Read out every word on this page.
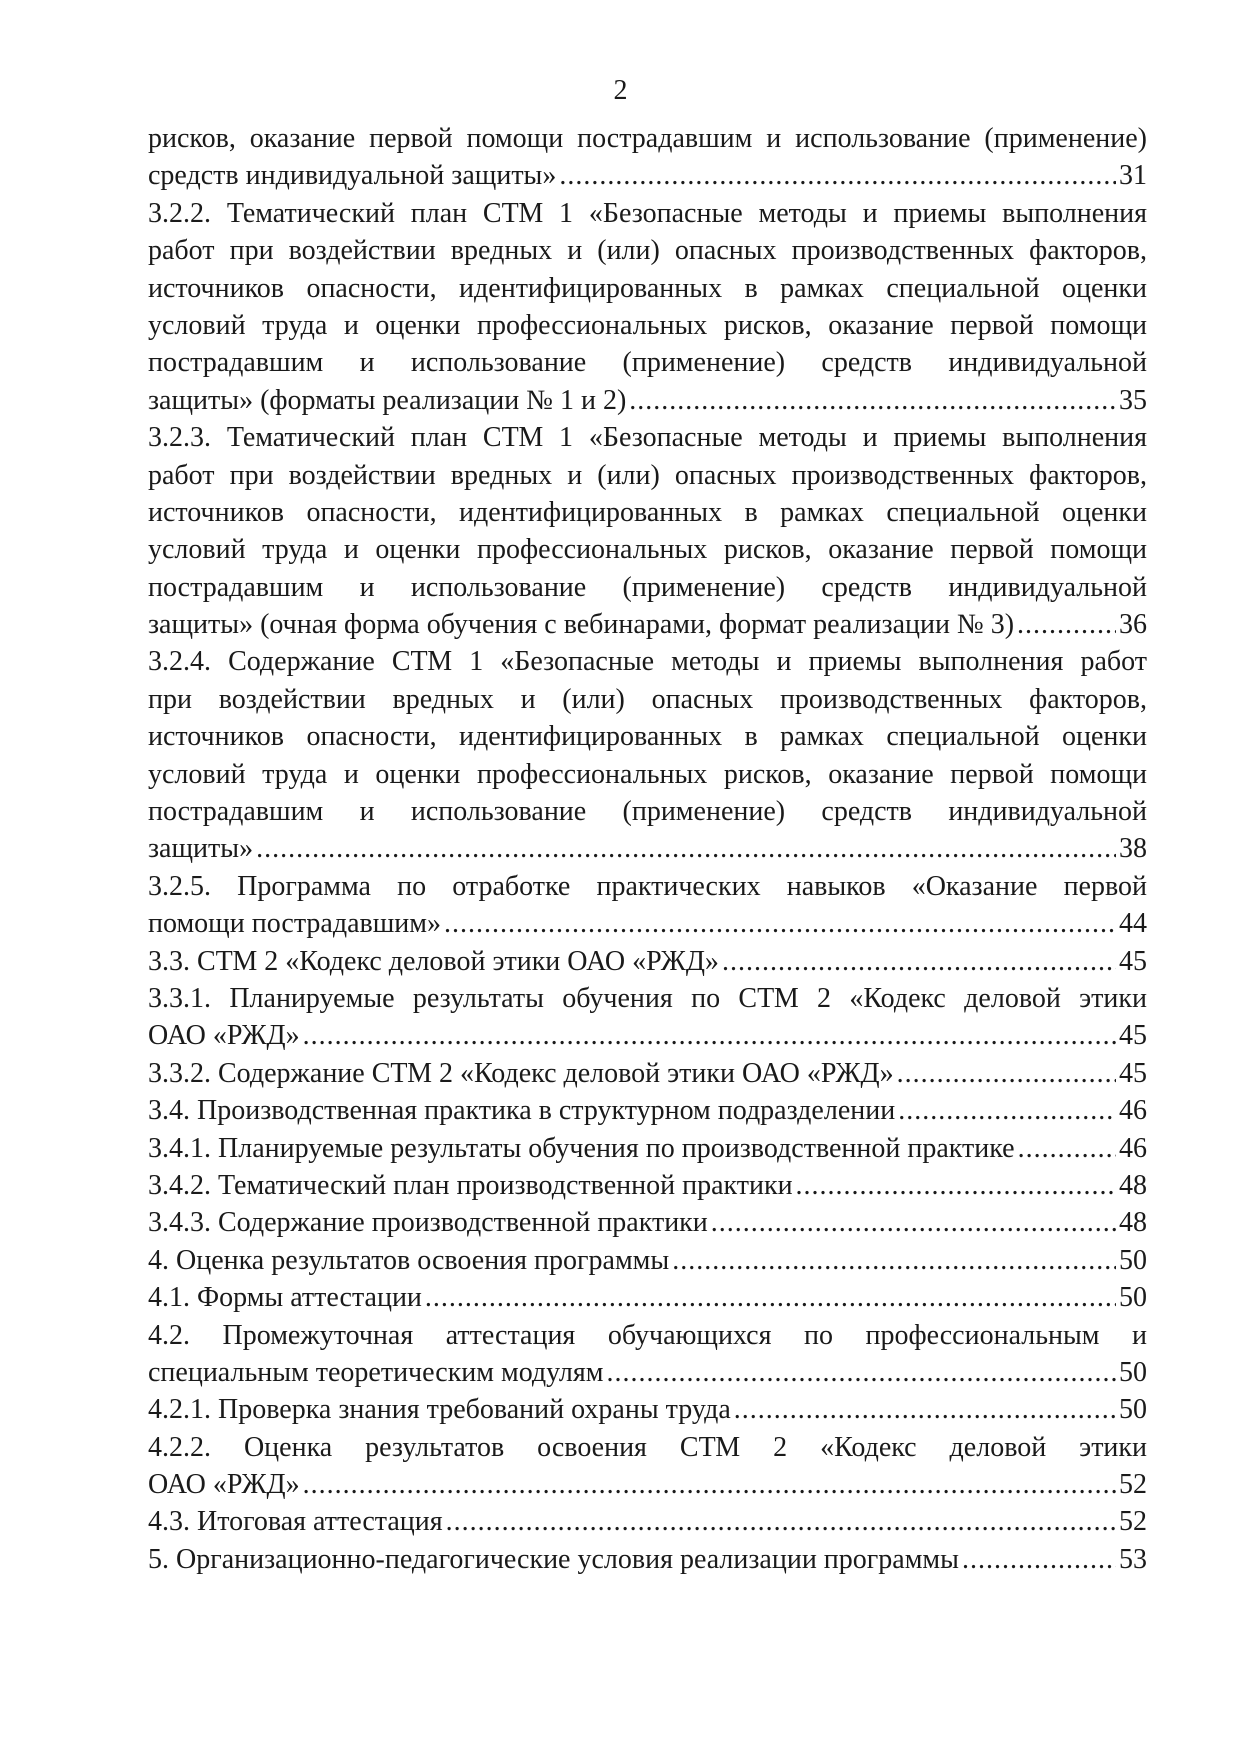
2
рисков, оказание первой помощи пострадавшим и использование (применение)
средств индивидуальной защиты» .....	31
3.2.2. Тематический план СТМ 1 «Безопасные методы и приемы выполнения
работ при воздействии вредных и (или) опасных производственных факторов,
источников опасности, идентифицированных в рамках специальной оценки
условий труда и оценки профессиональных рисков, оказание первой помощи
пострадавшим и использование (применение) средств индивидуальной
защиты» (форматы реализации № 1 и 2) .....	35
3.2.3. Тематический план СТМ 1 «Безопасные методы и приемы выполнения
работ при воздействии вредных и (или) опасных производственных факторов,
источников опасности, идентифицированных в рамках специальной оценки
условий труда и оценки профессиональных рисков, оказание первой помощи
пострадавшим и использование (применение) средств индивидуальной
защиты» (очная форма обучения с вебинарами, формат реализации № 3) .....	36
3.2.4. Содержание СТМ 1 «Безопасные методы и приемы выполнения работ
при воздействии вредных и (или) опасных производственных факторов,
источников опасности, идентифицированных в рамках специальной оценки
условий труда и оценки профессиональных рисков, оказание первой помощи
пострадавшим и использование (применение) средств индивидуальной
защиты» .....	38
3.2.5. Программа по отработке практических навыков «Оказание первой
помощи пострадавшим» .....	44
3.3. СТМ 2 «Кодекс деловой этики ОАО «РЖД» .....	45
3.3.1. Планируемые результаты обучения по СТМ 2 «Кодекс деловой этики
ОАО «РЖД» .....	45
3.3.2. Содержание СТМ 2 «Кодекс деловой этики ОАО «РЖД» .....	45
3.4. Производственная практика в структурном подразделении .....	46
3.4.1. Планируемые результаты обучения по производственной практике .....	46
3.4.2. Тематический план производственной практики .....	48
3.4.3. Содержание производственной практики .....	48
4. Оценка результатов освоения программы .....	50
4.1. Формы аттестации .....	50
4.2. Промежуточная аттестация обучающихся по профессиональным и
специальным теоретическим модулям .....	50
4.2.1. Проверка знания требований охраны труда .....	50
4.2.2. Оценка результатов освоения СТМ 2 «Кодекс деловой этики
ОАО «РЖД» .....	52
4.3. Итоговая аттестация .....	52
5. Организационно-педагогические условия реализации программы .....	53
